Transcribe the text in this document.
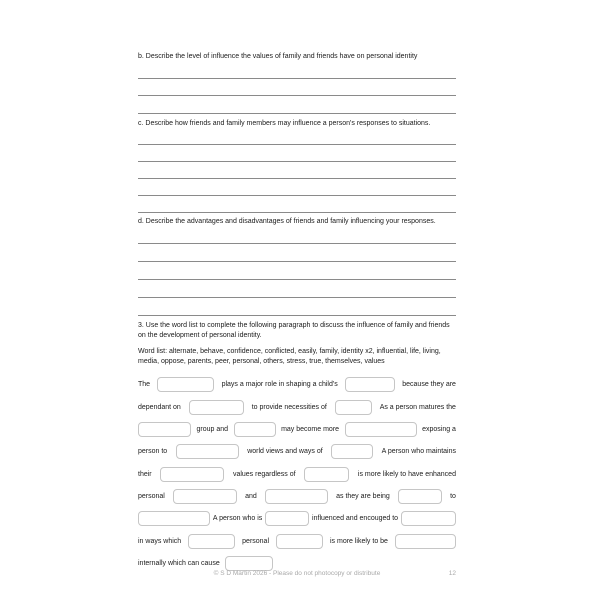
b. Describe the level of influence the values of family and friends have on personal identity

c. Describe how friends and family members may influence a person's responses to situations.

d. Describe the advantages and disadvantages of friends and family influencing your responses.

3. Use the word list to complete the following paragraph to discuss the influence of family and friends on the development of personal identity.

Word list: alternate, behave, confidence, conflicted, easily, family, identity x2, influential, life, living, media, oppose, parents, peer, personal, others, stress, true, themselves, values

The	plays a major role in shaping a child's	because they are
dependant on	to provide necessities of	As a person matures the
group and	may become more	exposing a
person to	world views and ways of	A person who maintains
their	values regardless of	is more likely to have enhanced
personal	and	as they are being	to
A person who is	influenced and encouged to
in ways which	personal	is more likely to be
internally which can cause
© S D Martin 2026 - Please do not photocopy or distribute	12
